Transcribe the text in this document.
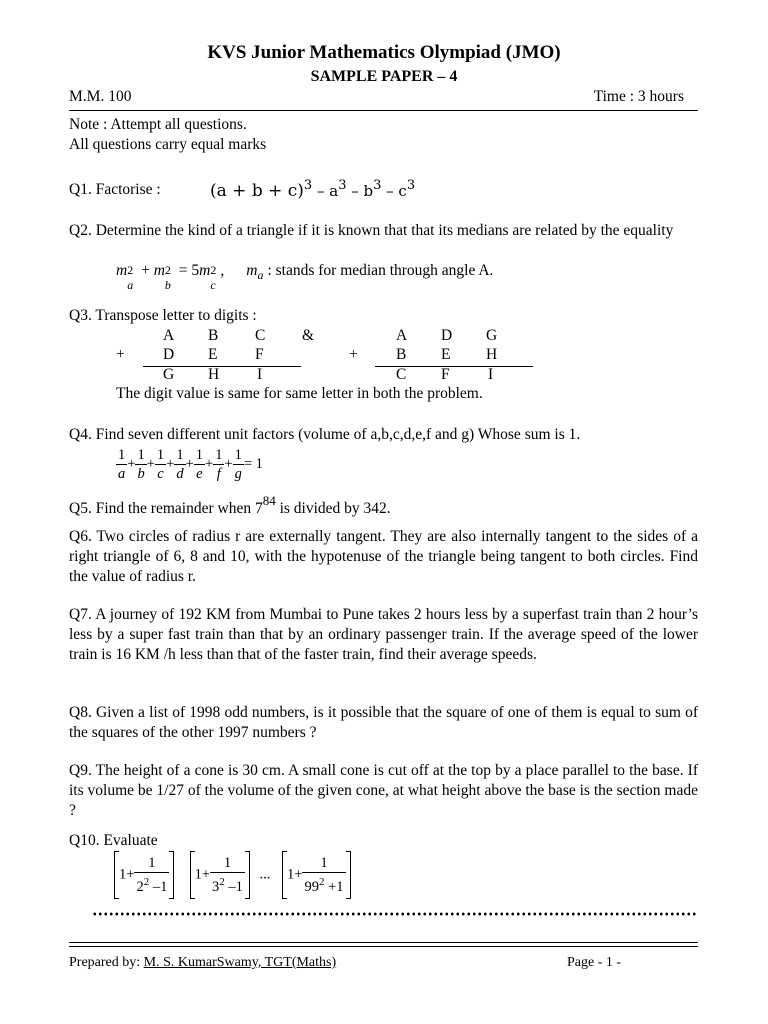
KVS Junior Mathematics Olympiad (JMO)
SAMPLE PAPER – 4
M.M. 100	Time : 3 hours
Note : Attempt all questions.
All questions carry equal marks
Q1. Factorise :	$(a + b + c)^3 - a^3 - b^3 - c^3$
Q2. Determine the kind of a triangle if it is known that that its medians are related by the equality
m 2
a
+ m 2
b
= 5m 2
c
, $m_a$ : stands for median through angle A.
Q3. Transpose letter to digits :
A B C &
+ D E F
G H I
A D G
+ B E H
C F I
The digit value is same for same letter in both the problem.
Q4. Find seven different unit factors (volume of a,b,c,d,e,f and g) Whose sum is 1.
$\frac{1}{a} + \frac{1}{b} + \frac{1}{c} + \frac{1}{d} + \frac{1}{e} + \frac{1}{f} + \frac{1}{g} = 1$
Q5. Find the remainder when $7^{84}$ is divided by 342.
Q6. Two circles of radius r are externally tangent. They are also internally tangent to the sides of a right triangle of 6, 8 and 10, with the hypotenuse of the triangle being tangent to both circles. Find the value of radius r.
Q7. A journey of 192 KM from Mumbai to Pune takes 2 hours less by a superfast train than 2 hour’s less by a super fast train than that by an ordinary passenger train. If the average speed of the lower train is 16 KM /h less than that of the faster train, find their average speeds.
Q8. Given a list of 1998 odd numbers, is it possible that the square of one of them is equal to sum of the squares of the other 1997 numbers ?
Q9. The height of a cone is 30 cm. A small cone is cut off at the top by a place parallel to the base. If its volume be 1/27 of the volume of the given cone, at what height above the base is the section made ?
Q10. Evaluate
$1+ \frac{1}{2^2 -1} 1+ \frac{1}{3^2 -1}$ ... $1+ \frac{1}{99^2 +1}$
Prepared by: M. S. KumarSwamy, TGT(Maths)	Page - 1 -
